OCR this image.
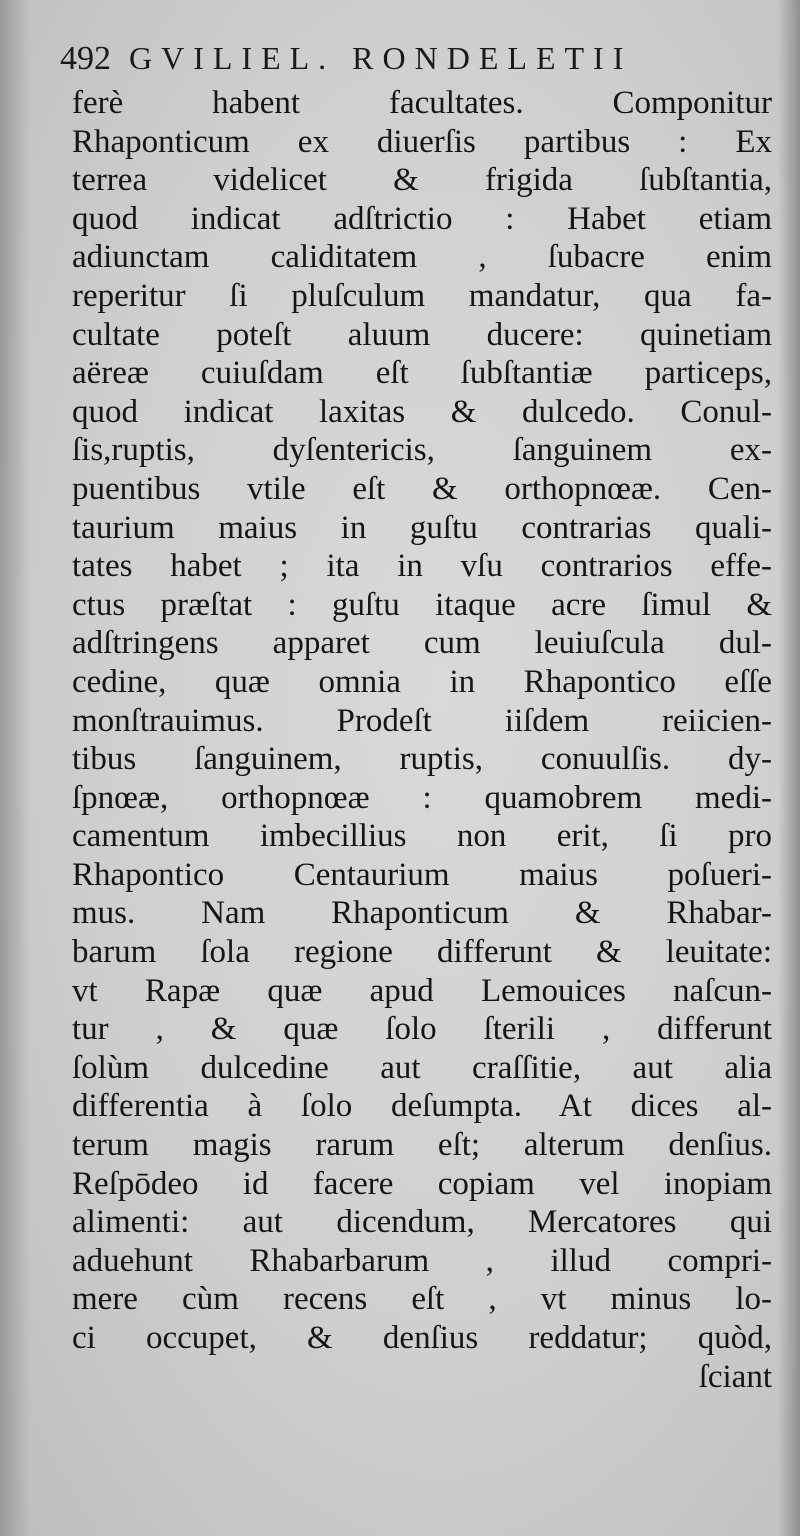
492 GVILIEL. RONDELETII
ferè habent facultates. Componitur
Rhaponticum ex diuerſis partibus : Ex
terrea videlicet & frigida ſubſtantia,
quod indicat adſtrictio : Habet etiam
adiunctam caliditatem , ſubacre enim
reperitur ſi pluſculum mandatur, qua fa-
cultate poteſt aluum ducere: quinetiam
aëreæ cuiuſdam eſt ſubſtantiæ particeps,
quod indicat laxitas & dulcedo. Conul-
ſis,ruptis, dyſentericis, ſanguinem ex-
puentibus vtile eſt & orthopnœæ. Cen-
taurium maius in guſtu contrarias quali-
tates habet ; ita in vſu contrarios effe-
ctus præſtat : guſtu itaque acre ſimul &
adſtringens apparet cum leuiuſcula dul-
cedine, quæ omnia in Rhapontico eſſe
monſtrauimus. Prodeſt iiſdem reiicien-
tibus ſanguinem, ruptis, conuulſis. dy-
ſpnœæ, orthopnœæ : quamobrem medi-
camentum imbecillius non erit, ſi pro
Rhapontico Centaurium maius poſueri-
mus. Nam Rhaponticum & Rhabar-
barum ſola regione differunt & leuitate:
vt Rapæ quæ apud Lemouices naſcun-
tur , & quæ ſolo ſterili , differunt
ſolùm dulcedine aut craſſitie, aut alia
differentia à ſolo deſumpta. At dices al-
terum magis rarum eſt; alterum denſius.
Reſpōdeo id facere copiam vel inopiam
alimenti: aut dicendum, Mercatores qui
aduehunt Rhabarbarum , illud compri-
mere cùm recens eſt , vt minus lo-
ci occupet, & denſius reddatur; quòd,
ſciant
